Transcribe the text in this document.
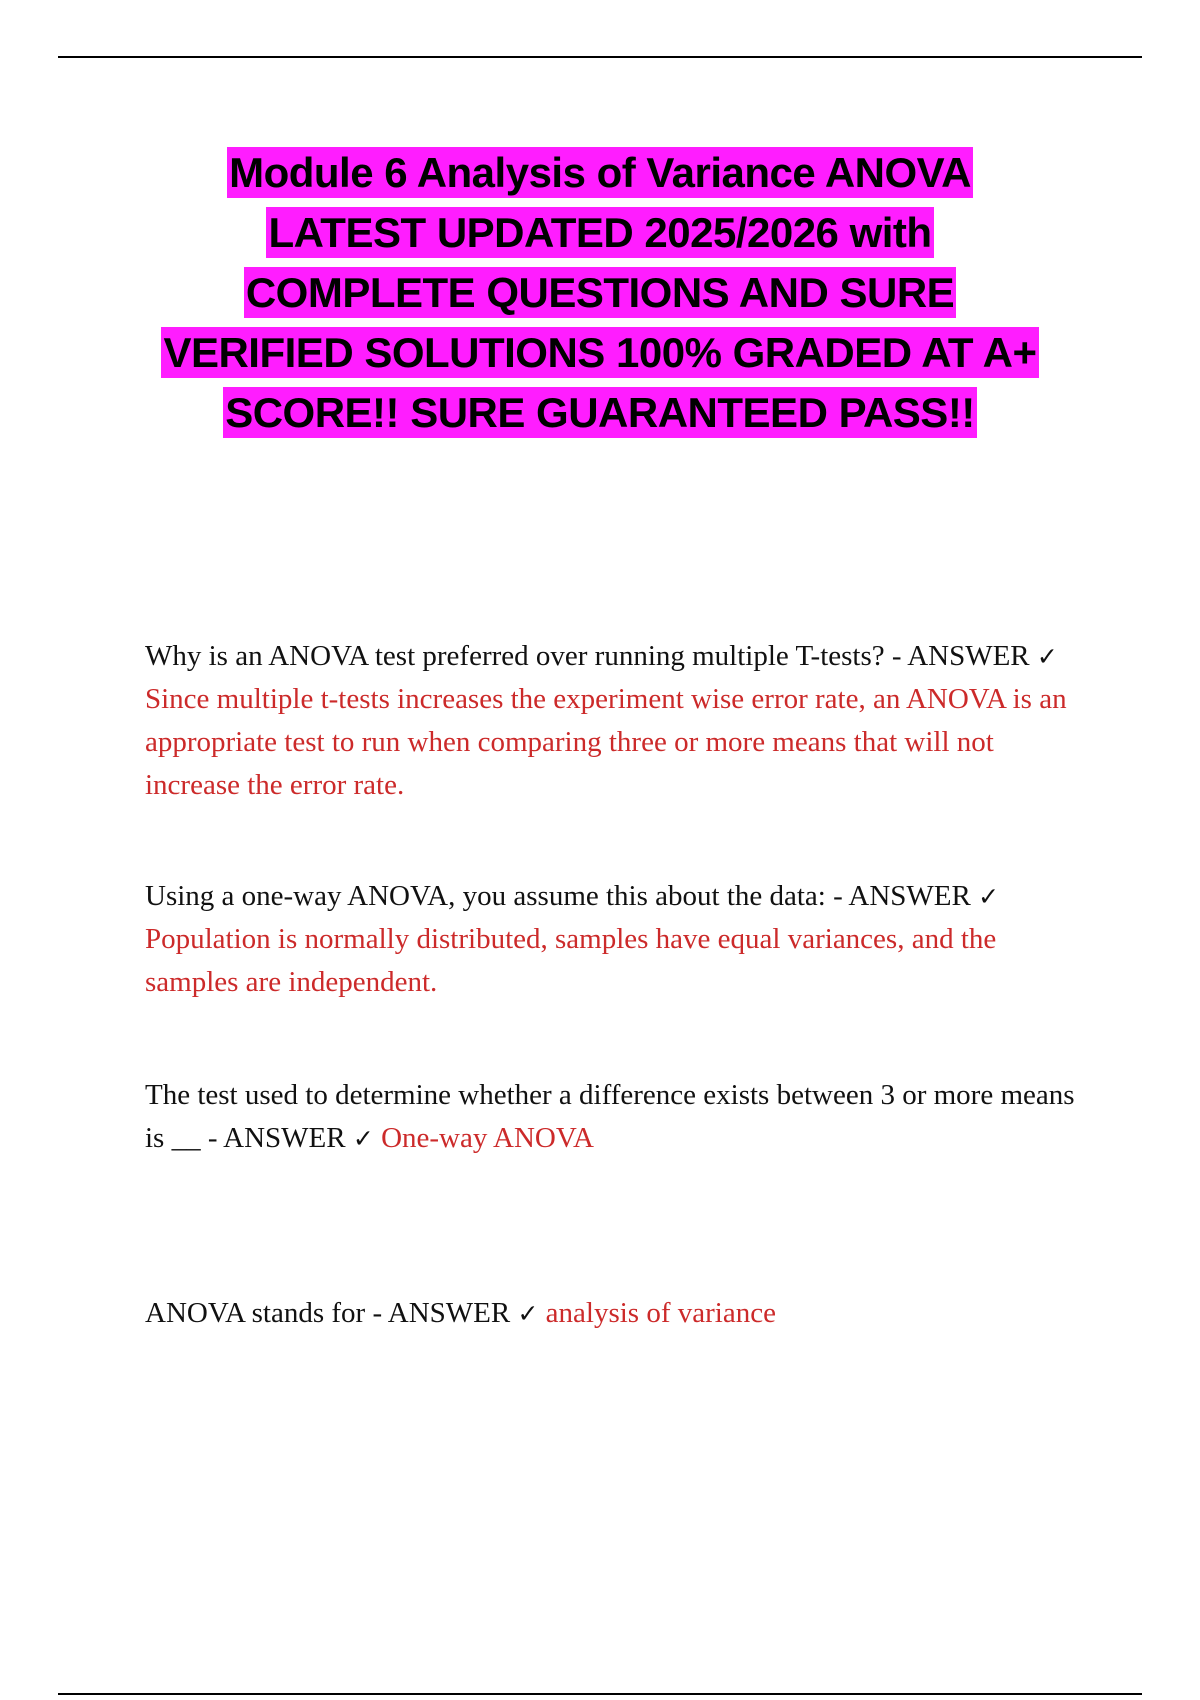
Module 6 Analysis of Variance ANOVA LATEST UPDATED 2025/2026 with COMPLETE QUESTIONS AND SURE VERIFIED SOLUTIONS 100% GRADED AT A+ SCORE!! SURE GUARANTEED PASS!!
Why is an ANOVA test preferred over running multiple T-tests? - ANSWER ✓ Since multiple t-tests increases the experiment wise error rate, an ANOVA is an appropriate test to run when comparing three or more means that will not increase the error rate.
Using a one-way ANOVA, you assume this about the data: - ANSWER ✓ Population is normally distributed, samples have equal variances, and the samples are independent.
The test used to determine whether a difference exists between 3 or more means is __ - ANSWER ✓ One-way ANOVA
ANOVA stands for - ANSWER ✓ analysis of variance
